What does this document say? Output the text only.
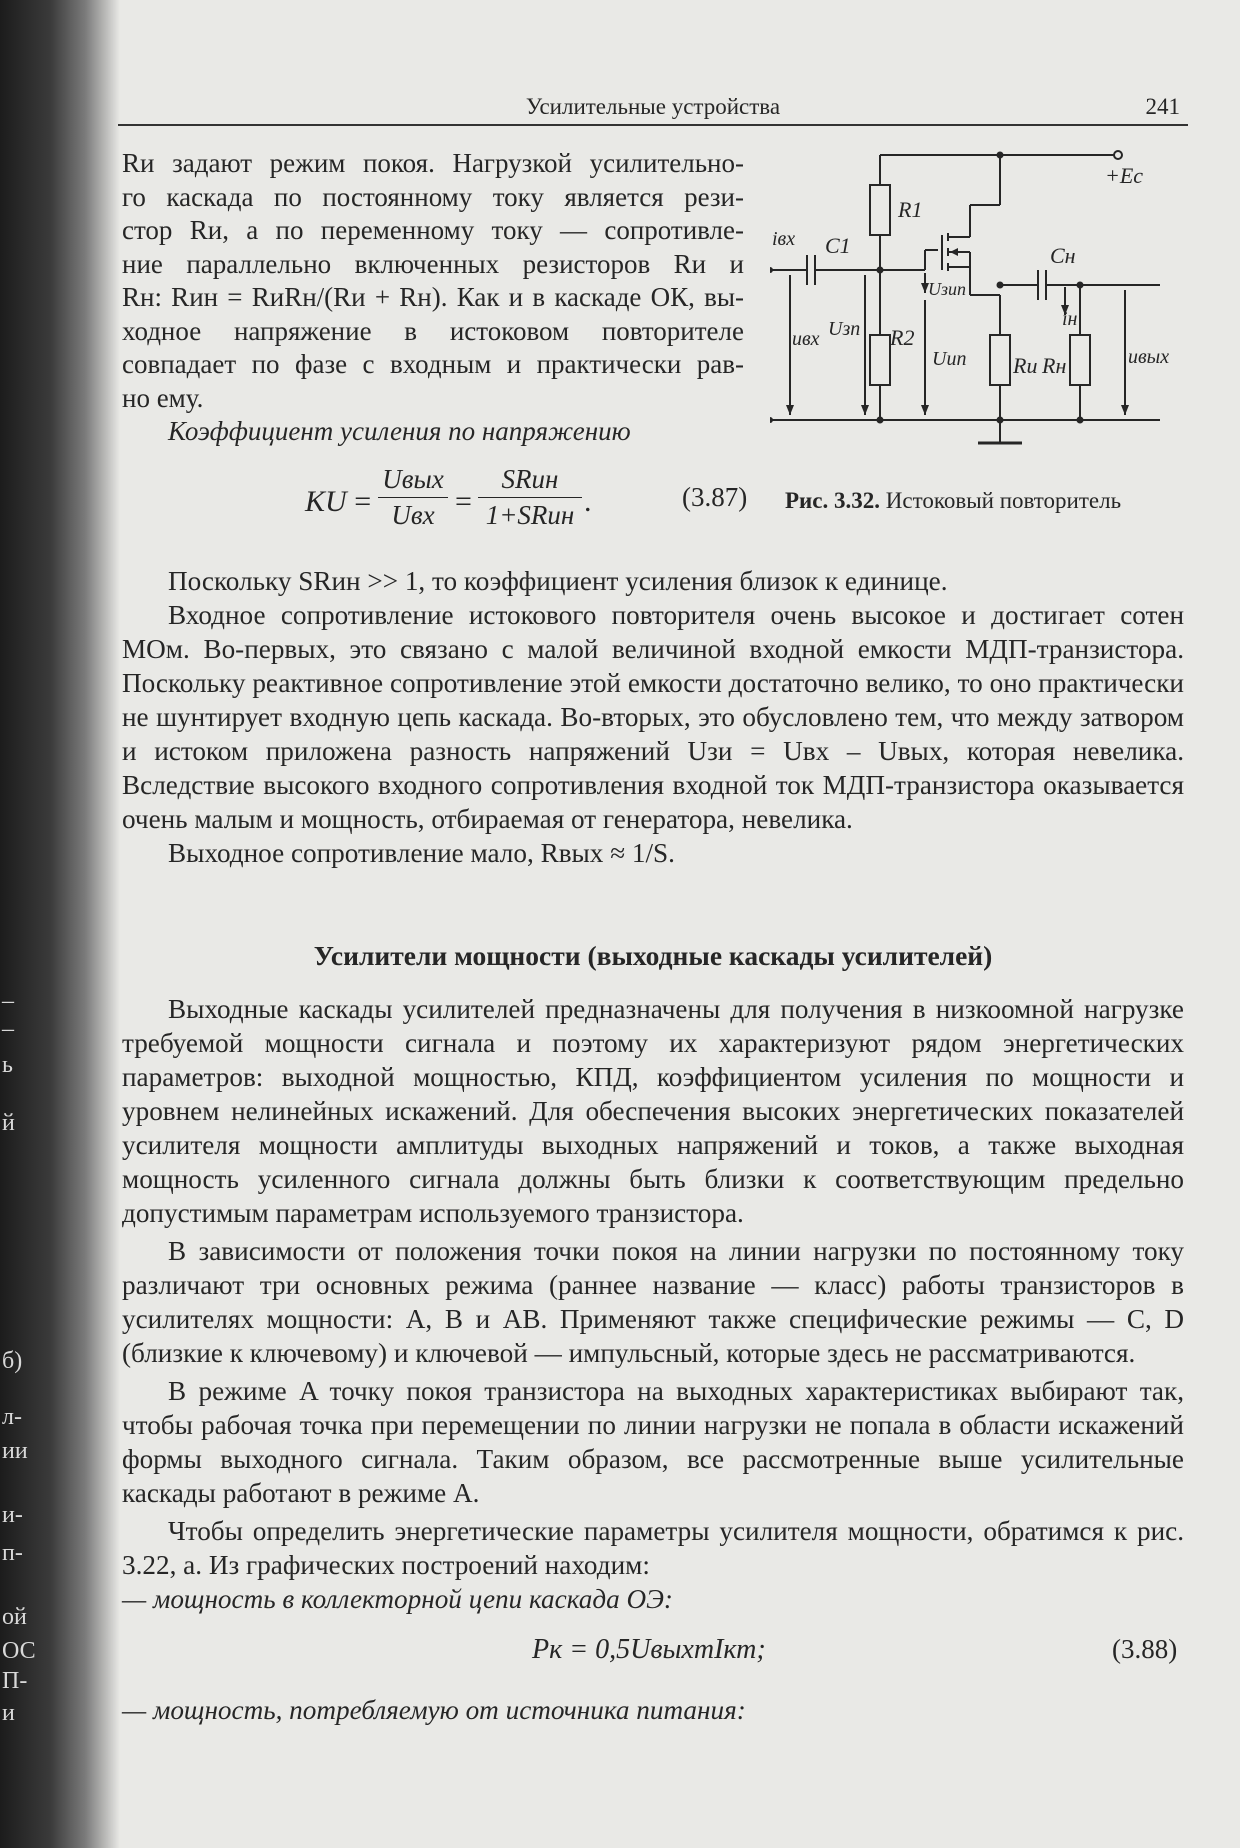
–
–
ь
й
б)
л-
ии
и-
п-
ой
ОС
П-
и
Усилительные устройства	241
Rи задают режим покоя. Нагрузкой усилительно-
го каскада по постоянному току является рези-
стор Rи, а по переменному току — сопротивле-
ние параллельно включенных резисторов Rи и
Rн: Rин = RиRн/(Rи + Rн). Как и в каскаде ОК, вы-
ходное напряжение в истоковом повторителе
совпадает по фазе с входным и практически рав-
но ему.
Коэффициент усиления по напряжению
KU =
Uвых
Uвх =
SRин
1+SRин .	(3.87)
+Eс
R1
C1
iвх
Uзип
Cн
iн
uвх Uзп R2
Uип Rи Rн	uвых
Рис. 3.32. Истоковый повторитель

Поскольку SRин >> 1, то коэффициент усиления близок к единице.

Входное сопротивление истокового повторителя очень высокое и достигает сотен МОм. Во-первых, это связано с малой величиной входной емкости МДП-транзистора. Поскольку реактивное сопротивление этой емкости достаточно велико, то оно практически не шунтирует входную цепь каскада. Во-вторых, это обусловлено тем, что между затвором и истоком приложена разность напряжений Uзи = Uвх – Uвых, которая невелика. Вследствие высокого входного сопротивления входной ток МДП-транзистора оказывается очень малым и мощность, отбираемая от генератора, невелика.

Выходное сопротивление мало, Rвых ≈ 1/S.

Усилители мощности (выходные каскады усилителей)

Выходные каскады усилителей предназначены для получения в низкоомной нагрузке требуемой мощности сигнала и поэтому их характеризуют рядом энергетических параметров: выходной мощностью, КПД, коэффициентом усиления по мощности и уровнем нелинейных искажений. Для обеспечения высоких энергетических показателей усилителя мощности амплитуды выходных напряжений и токов, а также выходная мощность усиленного сигнала должны быть близки к соответствующим предельно допустимым параметрам используемого транзистора.

В зависимости от положения точки покоя на линии нагрузки по постоянному току различают три основных режима (раннее название — класс) работы транзисторов в усилителях мощности: A, B и AB. Применяют также специфические режимы — C, D (близкие к ключевому) и ключевой — импульсный, которые здесь не рассматриваются.

В режиме A точку покоя транзистора на выходных характеристиках выбирают так, чтобы рабочая точка при перемещении по линии нагрузки не попала в области искажений формы выходного сигнала. Таким образом, все рассмотренные выше усилительные каскады работают в режиме A.

Чтобы определить энергетические параметры усилителя мощности, обратимся к рис. 3.22, а. Из графических построений находим:

— мощность в коллекторной цепи каскада ОЭ:

Pк = 0,5UвыхmIкт;	(3.88)
— мощность, потребляемую от источника питания:
